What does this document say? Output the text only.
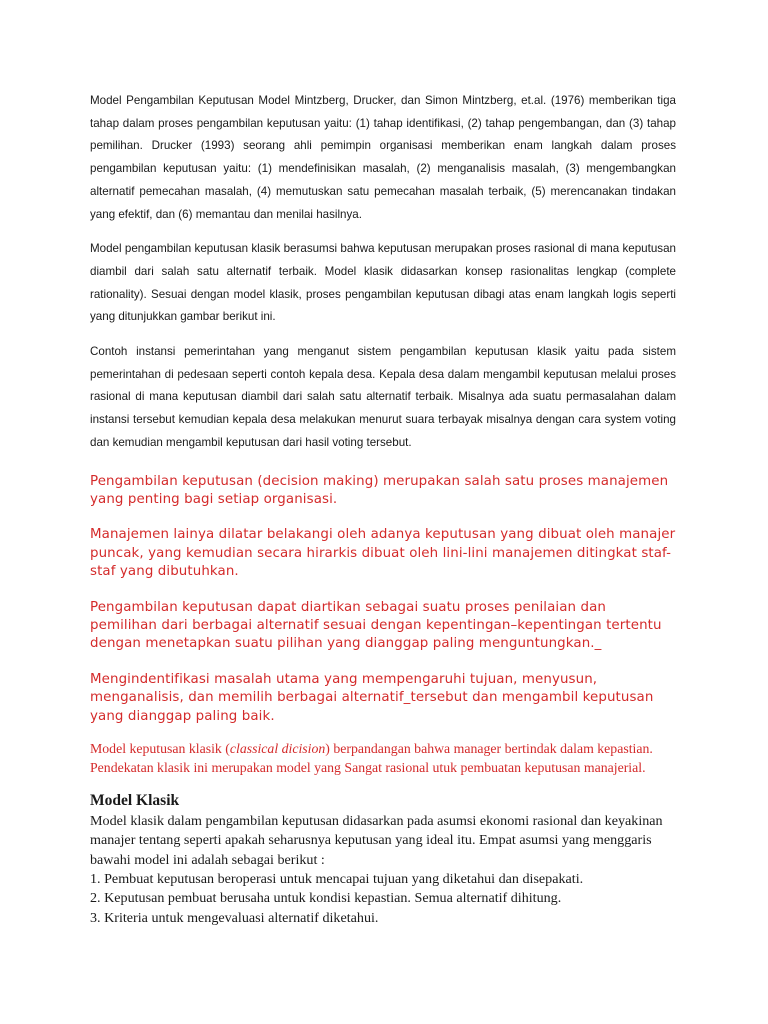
Model Pengambilan Keputusan Model Mintzberg, Drucker, dan Simon Mintzberg, et.al. (1976) memberikan tiga tahap dalam proses pengambilan keputusan yaitu: (1) tahap identifikasi, (2) tahap pengembangan, dan (3) tahap pemilihan. Drucker (1993) seorang ahli pemimpin organisasi memberikan enam langkah dalam proses pengambilan keputusan yaitu: (1) mendefinisikan masalah, (2) menganalisis masalah, (3) mengembangkan alternatif pemecahan masalah, (4) memutuskan satu pemecahan masalah terbaik, (5) merencanakan tindakan yang efektif, dan (6) memantau dan menilai hasilnya.

Model pengambilan keputusan klasik berasumsi bahwa keputusan merupakan proses rasional di mana keputusan diambil dari salah satu alternatif terbaik. Model klasik didasarkan konsep rasionalitas lengkap (complete rationality). Sesuai dengan model klasik, proses pengambilan keputusan dibagi atas enam langkah logis seperti yang ditunjukkan gambar berikut ini.

Contoh instansi pemerintahan yang menganut sistem pengambilan keputusan klasik yaitu pada sistem pemerintahan di pedesaan seperti contoh kepala desa. Kepala desa dalam mengambil keputusan melalui proses rasional di mana keputusan diambil dari salah satu alternatif terbaik. Misalnya ada suatu permasalahan dalam instansi tersebut kemudian kepala desa melakukan menurut suara terbayak misalnya dengan cara system voting dan kemudian mengambil keputusan dari hasil voting tersebut.

Pengambilan keputusan (decision making) merupakan salah satu proses manajemen yang penting bagi setiap organisasi.

Manajemen lainya dilatar belakangi oleh adanya keputusan yang dibuat oleh manajer puncak, yang kemudian secara hirarkis dibuat oleh lini-lini manajemen ditingkat staf-staf yang dibutuhkan.

Pengambilan keputusan dapat diartikan sebagai suatu proses penilaian dan pemilihan dari berbagai alternatif sesuai dengan kepentingan–kepentingan tertentu dengan menetapkan suatu pilihan yang dianggap paling menguntungkan._

Mengindentifikasi masalah utama yang mempengaruhi tujuan, menyusun, menganalisis, dan memilih berbagai alternatif_tersebut dan mengambil keputusan yang dianggap paling baik.

Model keputusan klasik (classical dicision) berpandangan bahwa manager bertindak dalam kepastian. Pendekatan klasik ini merupakan model yang Sangat rasional utuk pembuatan keputusan manajerial.

Model Klasik

Model klasik dalam pengambilan keputusan didasarkan pada asumsi ekonomi rasional dan keyakinan manajer tentang seperti apakah seharusnya keputusan yang ideal itu. Empat asumsi yang menggaris bawahi model ini adalah sebagai berikut :

1. Pembuat keputusan beroperasi untuk mencapai tujuan yang diketahui dan disepakati.

2. Keputusan pembuat berusaha untuk kondisi kepastian. Semua alternatif dihitung.

3. Kriteria untuk mengevaluasi alternatif diketahui.
